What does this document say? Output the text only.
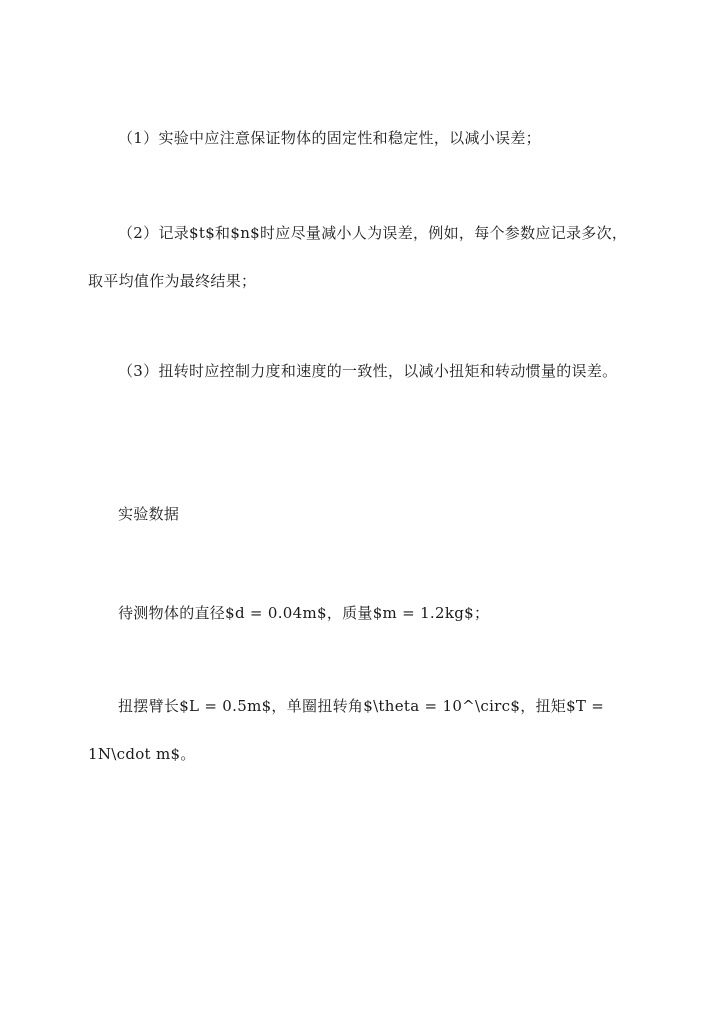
（1）实验中应注意保证物体的固定性和稳定性，以减小误差；

（2）记录$t$和$n$时应尽量减小人为误差，例如，每个参数应记录多次，取平均值作为最终结果；

（3）扭转时应控制力度和速度的一致性，以减小扭矩和转动惯量的误差。

实验数据

待测物体的直径$d = 0.04m$，质量$m = 1.2kg$；

扭摆臂长$L = 0.5m$，单圈扭转角$\theta = 10^\circ$，扭矩$T = 1N\cdot m$。
